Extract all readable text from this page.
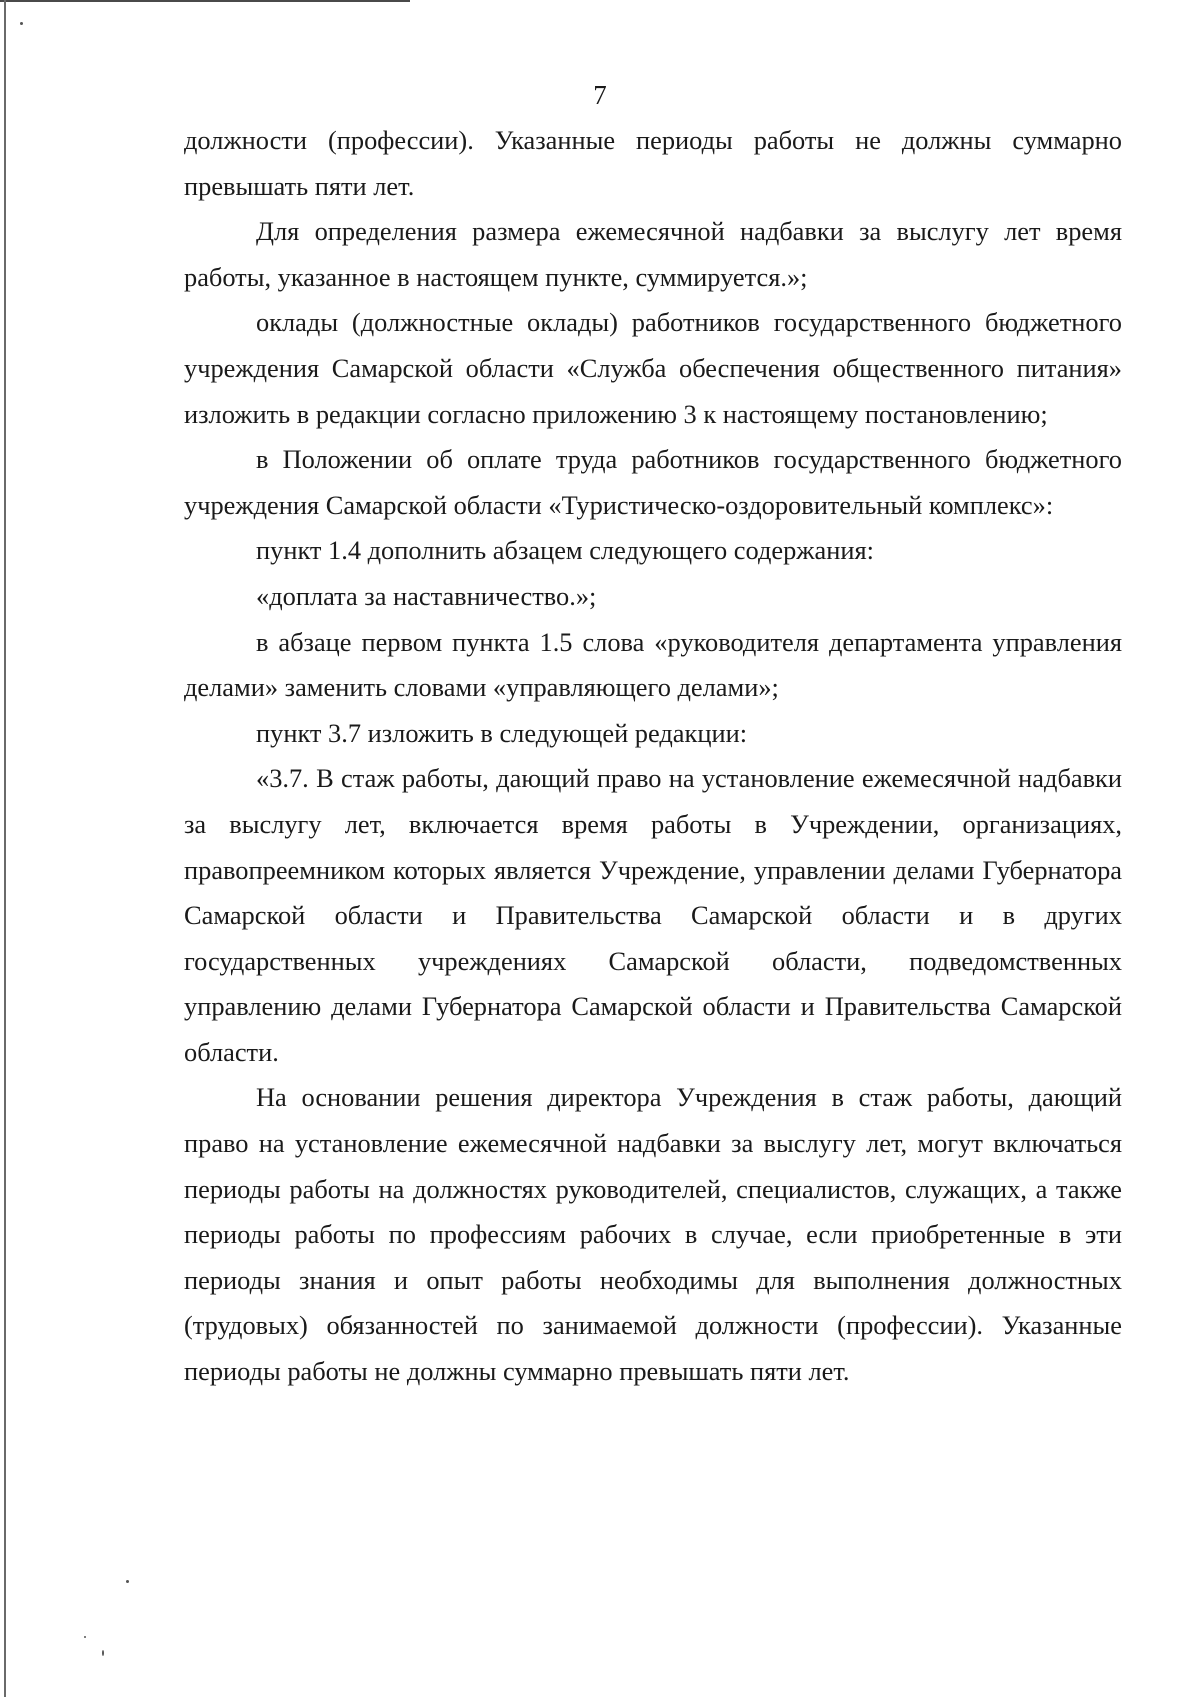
7

должности (профессии). Указанные периоды работы не должны суммарно превышать пяти лет.

Для определения размера ежемесячной надбавки за выслугу лет время работы, указанное в настоящем пункте, суммируется.»;

оклады (должностные оклады) работников государственного бюджетного учреждения Самарской области «Служба обеспечения общественного питания» изложить в редакции согласно приложению 3 к настоящему постановлению;

в Положении об оплате труда работников государственного бюджетного учреждения Самарской области «Туристическо-оздоровительный комплекс»:

пункт 1.4 дополнить абзацем следующего содержания:

«доплата за наставничество.»;

в абзаце первом пункта 1.5 слова «руководителя департамента управления делами» заменить словами «управляющего делами»;

пункт 3.7 изложить в следующей редакции:

«3.7. В стаж работы, дающий право на установление ежемесячной надбавки за выслугу лет, включается время работы в Учреждении, организациях, правопреемником которых является Учреждение, управлении делами Губернатора Самарской области и Правительства Самарской области и в других государственных учреждениях Самарской области, подведомственных управлению делами Губернатора Самарской области и Правительства Самарской области.

На основании решения директора Учреждения в стаж работы, дающий право на установление ежемесячной надбавки за выслугу лет, могут включаться периоды работы на должностях руководителей, специалистов, служащих, а также периоды работы по профессиям рабочих в случае, если приобретенные в эти периоды знания и опыт работы необходимы для выполнения должностных (трудовых) обязанностей по занимаемой должности (профессии). Указанные периоды работы не должны суммарно превышать пяти лет.
